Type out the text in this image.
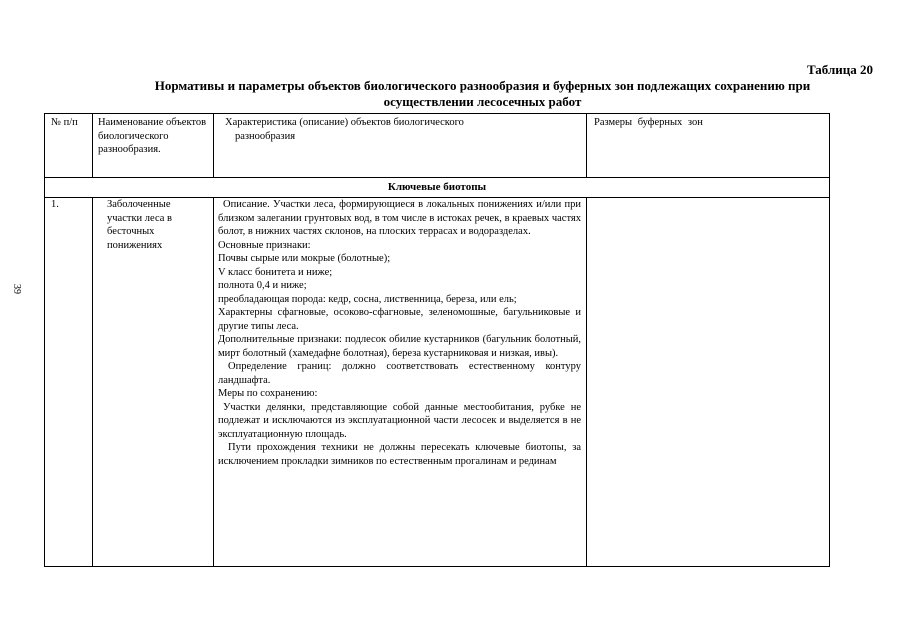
39
Таблица 20
Нормативы и параметры объектов биологического разнообразия и буферных зон подлежащих сохранению при
осуществлении лесосечных работ
№ п/п Наименование объектов биологического разнообразия.
Характеристика (описание) объектов биологического
разнообразия
Размеры буферных зон
Ключевые биотопы
1.	Заболоченные участки леса в бесточных понижениях

Описание. Участки леса, формирующиеся в локальных понижениях и/или при близком залегании грунтовых вод, в том числе в истоках речек, в краевых частях болот, в нижних частях склонов, на плоских террасах и водоразделах.

Основные признаки:

Почвы сырые или мокрые (болотные);

V класс бонитета и ниже;

полнота 0,4 и ниже;

преобладающая порода: кедр, сосна, лиственница, береза, или ель;

Характерны сфагновые, осоково-сфагновые, зеленомошные, багульниковые и другие типы леса.

Дополнительные признаки: подлесок обилие кустарников (багульник болотный, мирт болотный (хамедафне болотная), береза кустарниковая и низкая, ивы).

Определение границ: должно соответствовать естественному контуру ландшафта.

Меры по сохранению:

Участки делянки, представляющие собой данные местообитания, рубке не подлежат и исключаются из эксплуатационной части лесосек и выделяется в не эксплуатационную площадь.

Пути прохождения техники не должны пересекать ключевые биотопы, за исключением прокладки зимников по естественным прогалинам и рединам
